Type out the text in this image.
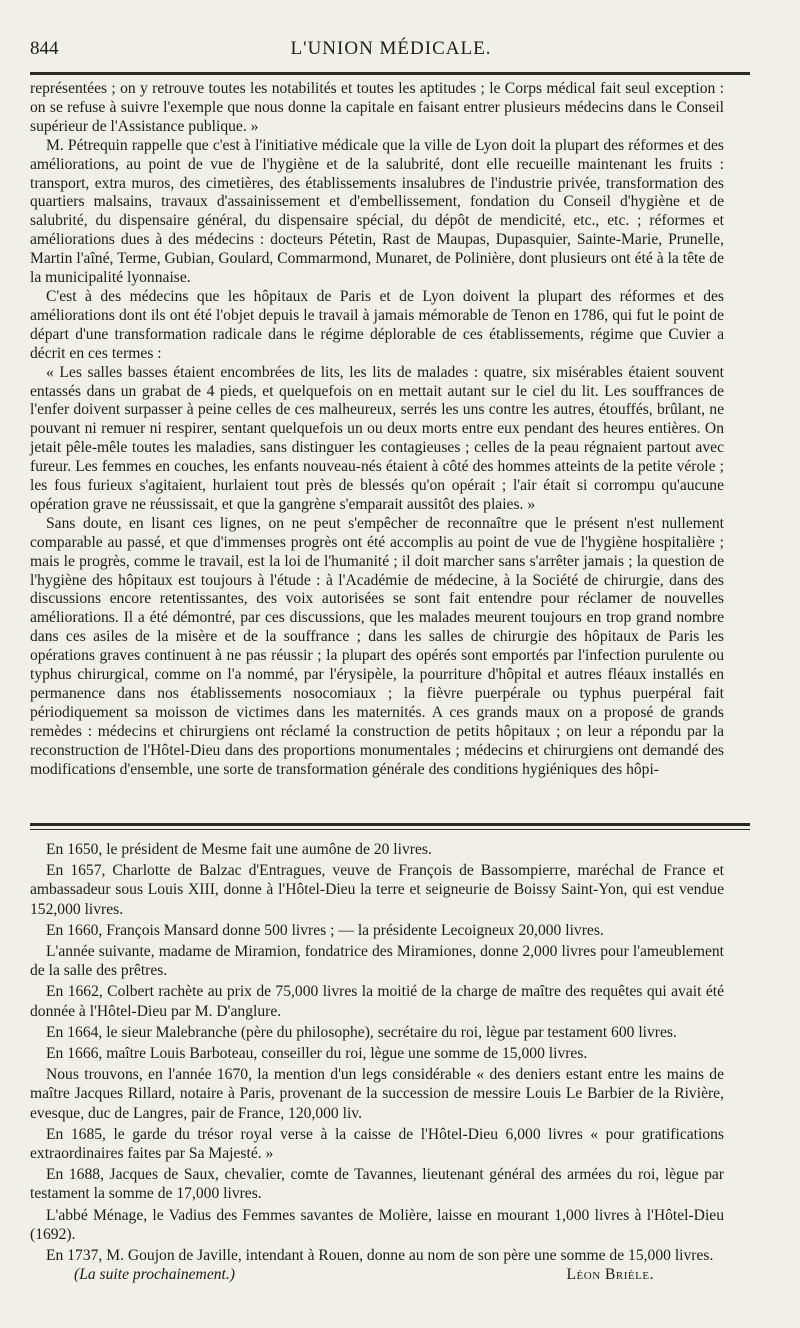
844	L'UNION MÉDICALE.

représentées ; on y retrouve toutes les notabilités et toutes les aptitudes ; le Corps médical fait seul exception : on se refuse à suivre l'exemple que nous donne la capitale en faisant entrer plusieurs médecins dans le Conseil supérieur de l'Assistance publique. »

M. Pétrequin rappelle que c'est à l'initiative médicale que la ville de Lyon doit la plupart des réformes et des améliorations, au point de vue de l'hygiène et de la salubrité, dont elle recueille maintenant les fruits : transport, extra muros, des cimetières, des établissements insalubres de l'industrie privée, transformation des quartiers malsains, travaux d'assainissement et d'embellissement, fondation du Conseil d'hygiène et de salubrité, du dispensaire général, du dispensaire spécial, du dépôt de mendicité, etc., etc. ; réformes et améliorations dues à des médecins : docteurs Pétetin, Rast de Maupas, Dupasquier, Sainte-Marie, Prunelle, Martin l'aîné, Terme, Gubian, Goulard, Commarmond, Munaret, de Polinière, dont plusieurs ont été à la tête de la municipalité lyonnaise.

C'est à des médecins que les hôpitaux de Paris et de Lyon doivent la plupart des réformes et des améliorations dont ils ont été l'objet depuis le travail à jamais mémorable de Tenon en 1786, qui fut le point de départ d'une transformation radicale dans le régime déplorable de ces établissements, régime que Cuvier a décrit en ces termes :

« Les salles basses étaient encombrées de lits, les lits de malades : quatre, six misérables étaient souvent entassés dans un grabat de 4 pieds, et quelquefois on en mettait autant sur le ciel du lit. Les souffrances de l'enfer doivent surpasser à peine celles de ces malheureux, serrés les uns contre les autres, étouffés, brûlant, ne pouvant ni remuer ni respirer, sentant quelquefois un ou deux morts entre eux pendant des heures entières. On jetait pêle-mêle toutes les maladies, sans distinguer les contagieuses ; celles de la peau régnaient partout avec fureur. Les femmes en couches, les enfants nouveau-nés étaient à côté des hommes atteints de la petite vérole ; les fous furieux s'agitaient, hurlaient tout près de blessés qu'on opérait ; l'air était si corrompu qu'aucune opération grave ne réussissait, et que la gangrène s'emparait aussitôt des plaies. »

Sans doute, en lisant ces lignes, on ne peut s'empêcher de reconnaître que le présent n'est nullement comparable au passé, et que d'immenses progrès ont été accomplis au point de vue de l'hygiène hospitalière ; mais le progrès, comme le travail, est la loi de l'humanité ; il doit marcher sans s'arrêter jamais ; la question de l'hygiène des hôpitaux est toujours à l'étude : à l'Académie de médecine, à la Société de chirurgie, dans des discussions encore retentissantes, des voix autorisées se sont fait entendre pour réclamer de nouvelles améliorations. Il a été démontré, par ces discussions, que les malades meurent toujours en trop grand nombre dans ces asiles de la misère et de la souffrance ; dans les salles de chirurgie des hôpitaux de Paris les opérations graves continuent à ne pas réussir ; la plupart des opérés sont emportés par l'infection purulente ou typhus chirurgical, comme on l'a nommé, par l'érysipèle, la pourriture d'hôpital et autres fléaux installés en permanence dans nos établissements nosocomiaux ; la fièvre puerpérale ou typhus puerpéral fait périodiquement sa moisson de victimes dans les maternités. A ces grands maux on a proposé de grands remèdes : médecins et chirurgiens ont réclamé la construction de petits hôpitaux ; on leur a répondu par la reconstruction de l'Hôtel-Dieu dans des proportions monumentales ; médecins et chirurgiens ont demandé des modifications d'ensemble, une sorte de transformation générale des conditions hygiéniques des hôpi-

En 1650, le président de Mesme fait une aumône de 20 livres.

En 1657, Charlotte de Balzac d'Entragues, veuve de François de Bassompierre, maréchal de France et ambassadeur sous Louis XIII, donne à l'Hôtel-Dieu la terre et seigneurie de Boissy Saint-Yon, qui est vendue 152,000 livres.

En 1660, François Mansard donne 500 livres ; — la présidente Lecoigneux 20,000 livres.

L'année suivante, madame de Miramion, fondatrice des Miramiones, donne 2,000 livres pour l'ameublement de la salle des prêtres.

En 1662, Colbert rachète au prix de 75,000 livres la moitié de la charge de maître des requêtes qui avait été donnée à l'Hôtel-Dieu par M. D'anglure.

En 1664, le sieur Malebranche (père du philosophe), secrétaire du roi, lègue par testament 600 livres.

En 1666, maître Louis Barboteau, conseiller du roi, lègue une somme de 15,000 livres.

Nous trouvons, en l'année 1670, la mention d'un legs considérable « des deniers estant entre les mains de maître Jacques Rillard, notaire à Paris, provenant de la succession de messire Louis Le Barbier de la Rivière, evesque, duc de Langres, pair de France, 120,000 liv.

En 1685, le garde du trésor royal verse à la caisse de l'Hôtel-Dieu 6,000 livres « pour gratifications extraordinaires faites par Sa Majesté. »

En 1688, Jacques de Saux, chevalier, comte de Tavannes, lieutenant général des armées du roi, lègue par testament la somme de 17,000 livres.

L'abbé Ménage, le Vadius des Femmes savantes de Molière, laisse en mourant 1,000 livres à l'Hôtel-Dieu (1692).

En 1737, M. Goujon de Javille, intendant à Rouen, donne au nom de son père une somme de 15,000 livres.

(La suite prochainement.)	Léon Brièle.
